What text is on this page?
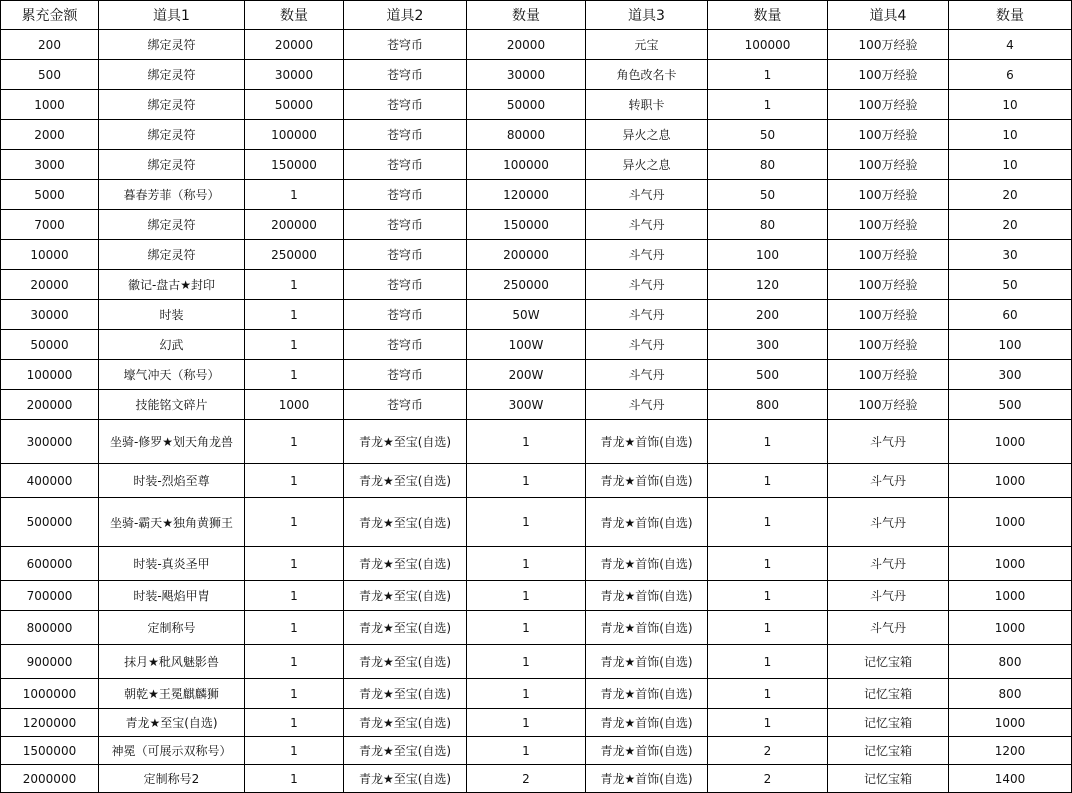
累充金额	道具1	数量	道具2	数量	道具3	数量	道具4	数量
200	绑定灵符	20000	苍穹币	20000	元宝	100000	100万经验	4
500	绑定灵符	30000	苍穹币	30000	角色改名卡	1	100万经验	6
1000	绑定灵符	50000	苍穹币	50000	转职卡	1	100万经验	10
2000	绑定灵符	100000	苍穹币	80000	异火之息	50	100万经验	10
3000	绑定灵符	150000	苍穹币	100000	异火之息	80	100万经验	10
5000	暮春芳菲（称号）	1	苍穹币	120000	斗气丹	50	100万经验	20
7000	绑定灵符	200000	苍穹币	150000	斗气丹	80	100万经验	20
10000	绑定灵符	250000	苍穹币	200000	斗气丹	100	100万经验	30
20000	徽记-盘古★封印	1	苍穹币	250000	斗气丹	120	100万经验	50
30000	时装	1	苍穹币	50W	斗气丹	200	100万经验	60
50000	幻武	1	苍穹币	100W	斗气丹	300	100万经验	100
100000	壕气冲天（称号）	1	苍穹币	200W	斗气丹	500	100万经验	300
200000	技能铭文碎片	1000	苍穹币	300W	斗气丹	800	100万经验	500
300000	坐骑-修罗★划天角龙兽	1	青龙★至宝(自选)	1	青龙★首饰(自选)	1	斗气丹	1000
400000	时装-烈焰至尊	1	青龙★至宝(自选)	1	青龙★首饰(自选)	1	斗气丹	1000
500000	坐骑-霸天★独角黄狮王	1	青龙★至宝(自选)	1	青龙★首饰(自选)	1	斗气丹	1000
600000	时装-真炎圣甲	1	青龙★至宝(自选)	1	青龙★首饰(自选)	1	斗气丹	1000
700000	时装-飓焰甲胄	1	青龙★至宝(自选)	1	青龙★首饰(自选)	1	斗气丹	1000
800000	定制称号	1	青龙★至宝(自选)	1	青龙★首饰(自选)	1	斗气丹	1000
900000	抹月★秕风魅影兽	1	青龙★至宝(自选)	1	青龙★首饰(自选)	1	记忆宝箱	800
1000000	朝乾★王冕麒麟狮	1	青龙★至宝(自选)	1	青龙★首饰(自选)	1	记忆宝箱	800
1200000	青龙★至宝(自选)	1	青龙★至宝(自选)	1	青龙★首饰(自选)	1	记忆宝箱	1000
1500000	神冕（可展示双称号）	1	青龙★至宝(自选)	1	青龙★首饰(自选)	2	记忆宝箱	1200
2000000	定制称号2	1	青龙★至宝(自选)	2	青龙★首饰(自选)	2	记忆宝箱	1400
